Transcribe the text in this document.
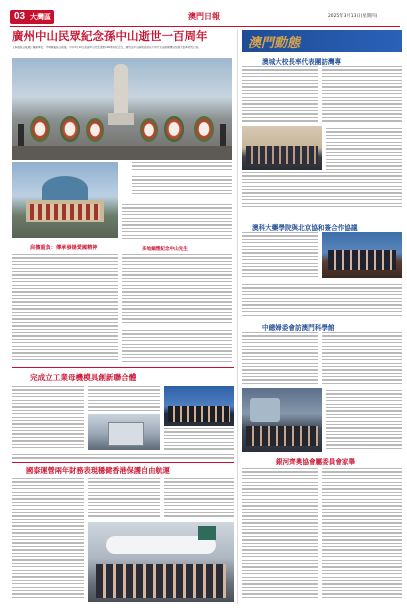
03 大灣區	澳門日報	2025年3月13日(星期四)
廣州中山民眾紀念孫中山逝世一百周年
【本報綜合報道】據新華社、羊城晚報綜合報道，今年3月12日是孫中山先生逝世100周年紀念日，廣州及中山兩地民眾以不同方式追思緬懷這位偉大的革命先行者。
多地緬懷紀念中山先生
肩擔重負：傳承發揚愛國精神
澳門動態
澳城大校長率代表團訪灣專
澳科大藥學院與北京協和簽合作協議
中總婦委會訪澳門科學館
完成立工業母機模具創新聯合體
國泰運營兩年財務表現穩健香港保護自由航運
銀河齊奧協會屬委員會家舉
